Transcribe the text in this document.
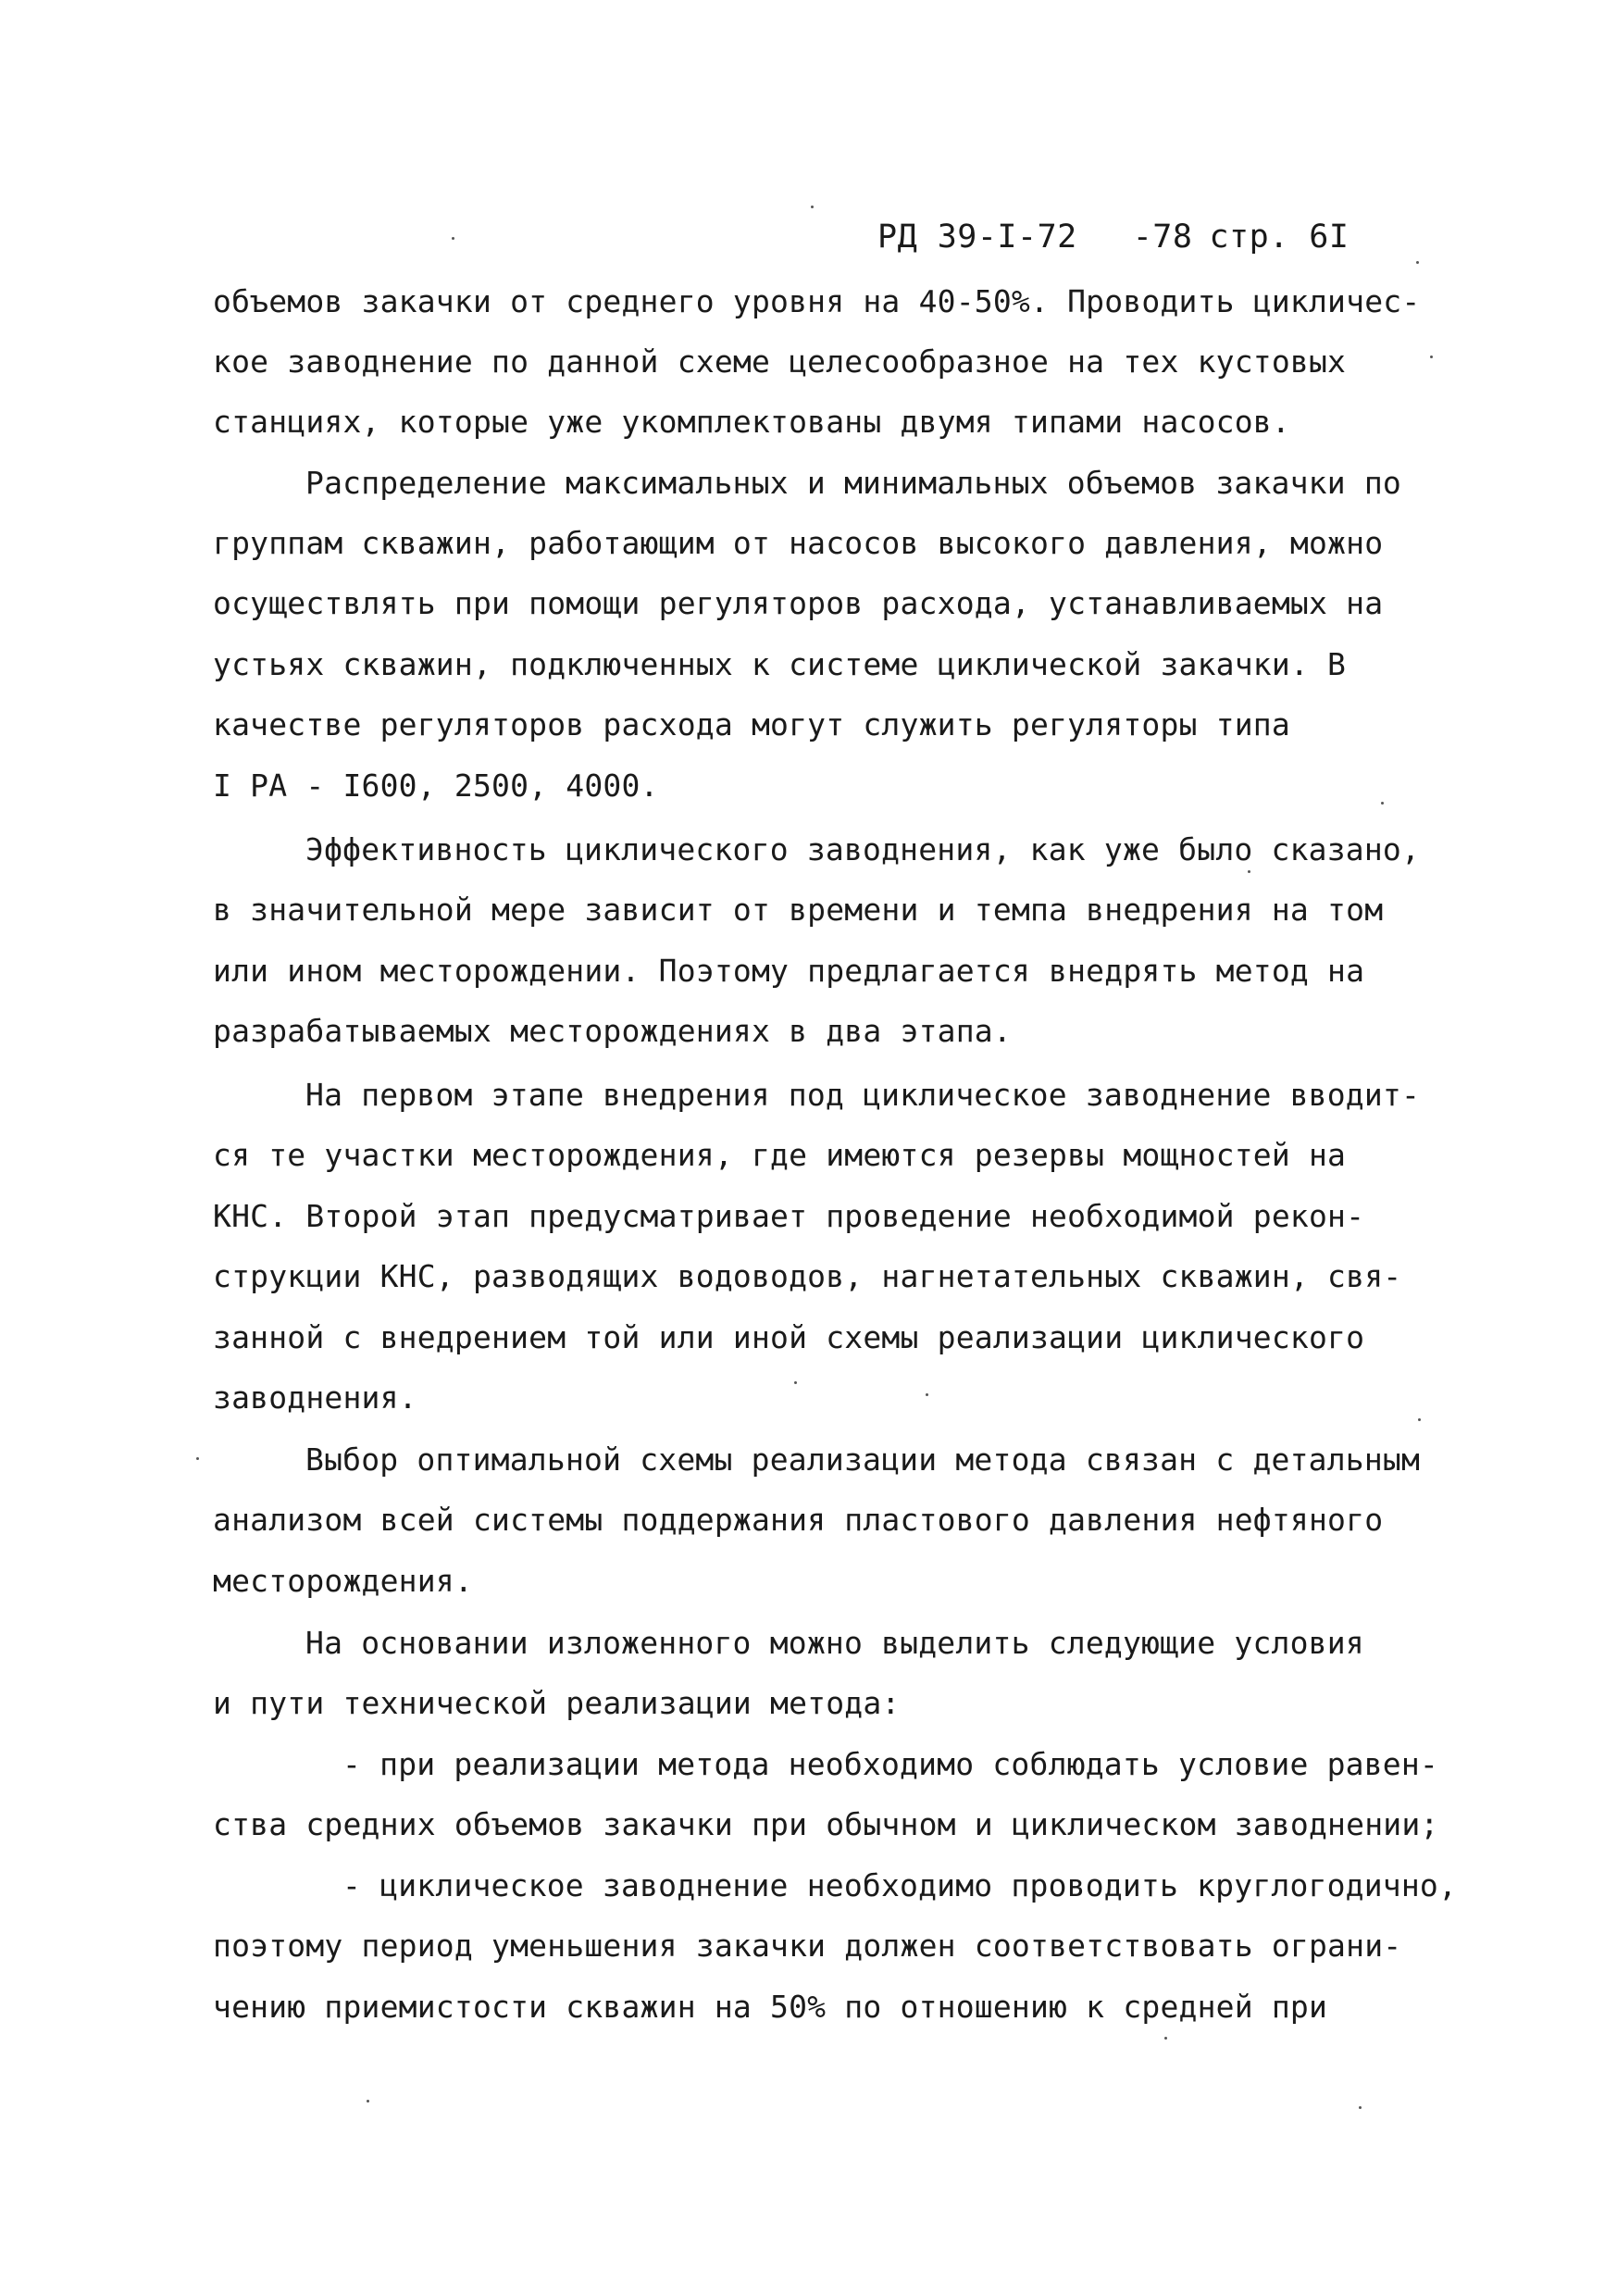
РД 39-I-72 -78 стр. 6I
объемов закачки от среднего уровня на 40-50%. Проводить цикличес-
кое заводнение по данной схеме целесообразное на тех кустовых
станциях, которые уже укомплектованы двумя типами насосов.
Распределение максимальных и минимальных объемов закачки по
группам скважин, работающим от насосов высокого давления, можно
осуществлять при помощи регуляторов расхода, устанавливаемых на
устьях скважин, подключенных к системе циклической закачки. В
качестве регуляторов расхода могут служить регуляторы типа
I РА - I600, 2500, 4000.
Эффективность циклического заводнения, как уже было сказано,
в значительной мере зависит от времени и темпа внедрения на том
или ином месторождении. Поэтому предлагается внедрять метод на
разрабатываемых месторождениях в два этапа.
На первом этапе внедрения под циклическое заводнение вводит-
ся те участки месторождения, где имеются резервы мощностей на
КНС. Второй этап предусматривает проведение необходимой рекон-
струкции КНС, разводящих водоводов, нагнетательных скважин, свя-
занной с внедрением той или иной схемы реализации циклического
заводнения.
Выбор оптимальной схемы реализации метода связан с детальным
анализом всей системы поддержания пластового давления нефтяного
месторождения.
На основании изложенного можно выделить следующие условия
и пути технической реализации метода:
- при реализации метода необходимо соблюдать условие равен-
ства средних объемов закачки при обычном и циклическом заводнении;
- циклическое заводнение необходимо проводить круглогодично,
поэтому период уменьшения закачки должен соответствовать ограни-
чению приемистости скважин на 50% по отношению к средней при
